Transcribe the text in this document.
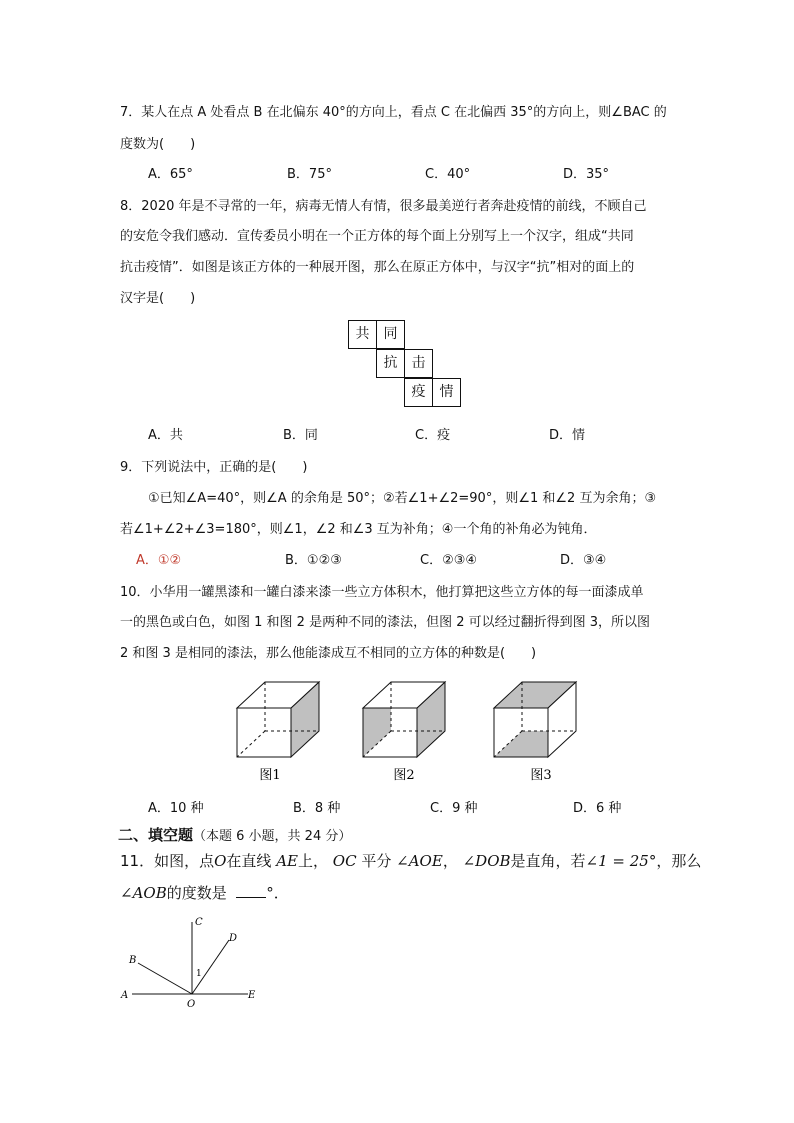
7．某人在点 A 处看点 B 在北偏东 40°的方向上，看点 C 在北偏西 35°的方向上，则∠BAC 的
度数为(　　)
A．65°	B．75°	C．40°	D．35°
8．2020 年是不寻常的一年，病毒无情人有情，很多最美逆行者奔赴疫情的前线，不顾自己
的安危令我们感动．宣传委员小明在一个正方体的每个面上分别写上一个汉字，组成“共同
抗击疫情”．如图是该正方体的一种展开图，那么在原正方体中，与汉字“抗”相对的面上的
汉字是(　　)
共	同
抗	击
疫	情
A．共	B．同	C．疫	D．情
9．下列说法中，正确的是(　　)
①已知∠A=40°，则∠A 的余角是 50°；②若∠1+∠2=90°，则∠1 和∠2 互为余角；③
若∠1+∠2+∠3=180°，则∠1，∠2 和∠3 互为补角；④一个角的补角必为钝角．
A．①②	B．①②③	C．②③④	D．③④
10．小华用一罐黑漆和一罐白漆来漆一些立方体积木，他打算把这些立方体的每一面漆成单
一的黑色或白色，如图 1 和图 2 是两种不同的漆法，但图 2 可以经过翻折得到图 3，所以图
2 和图 3 是相同的漆法，那么他能漆成互不相同的立方体的种数是(　　)
图1	图2	图3
A．10 种	B．8 种	C．9 种	D．6 种
二、填空题（本题 6 小题，共 24 分）
11．如图，点O在直线 AE上， OC 平分 ∠AOE， ∠DOB是直角，若∠1 = 25°，那么
∠AOB的度数是	°．
C
D
B
A
O
E
1
